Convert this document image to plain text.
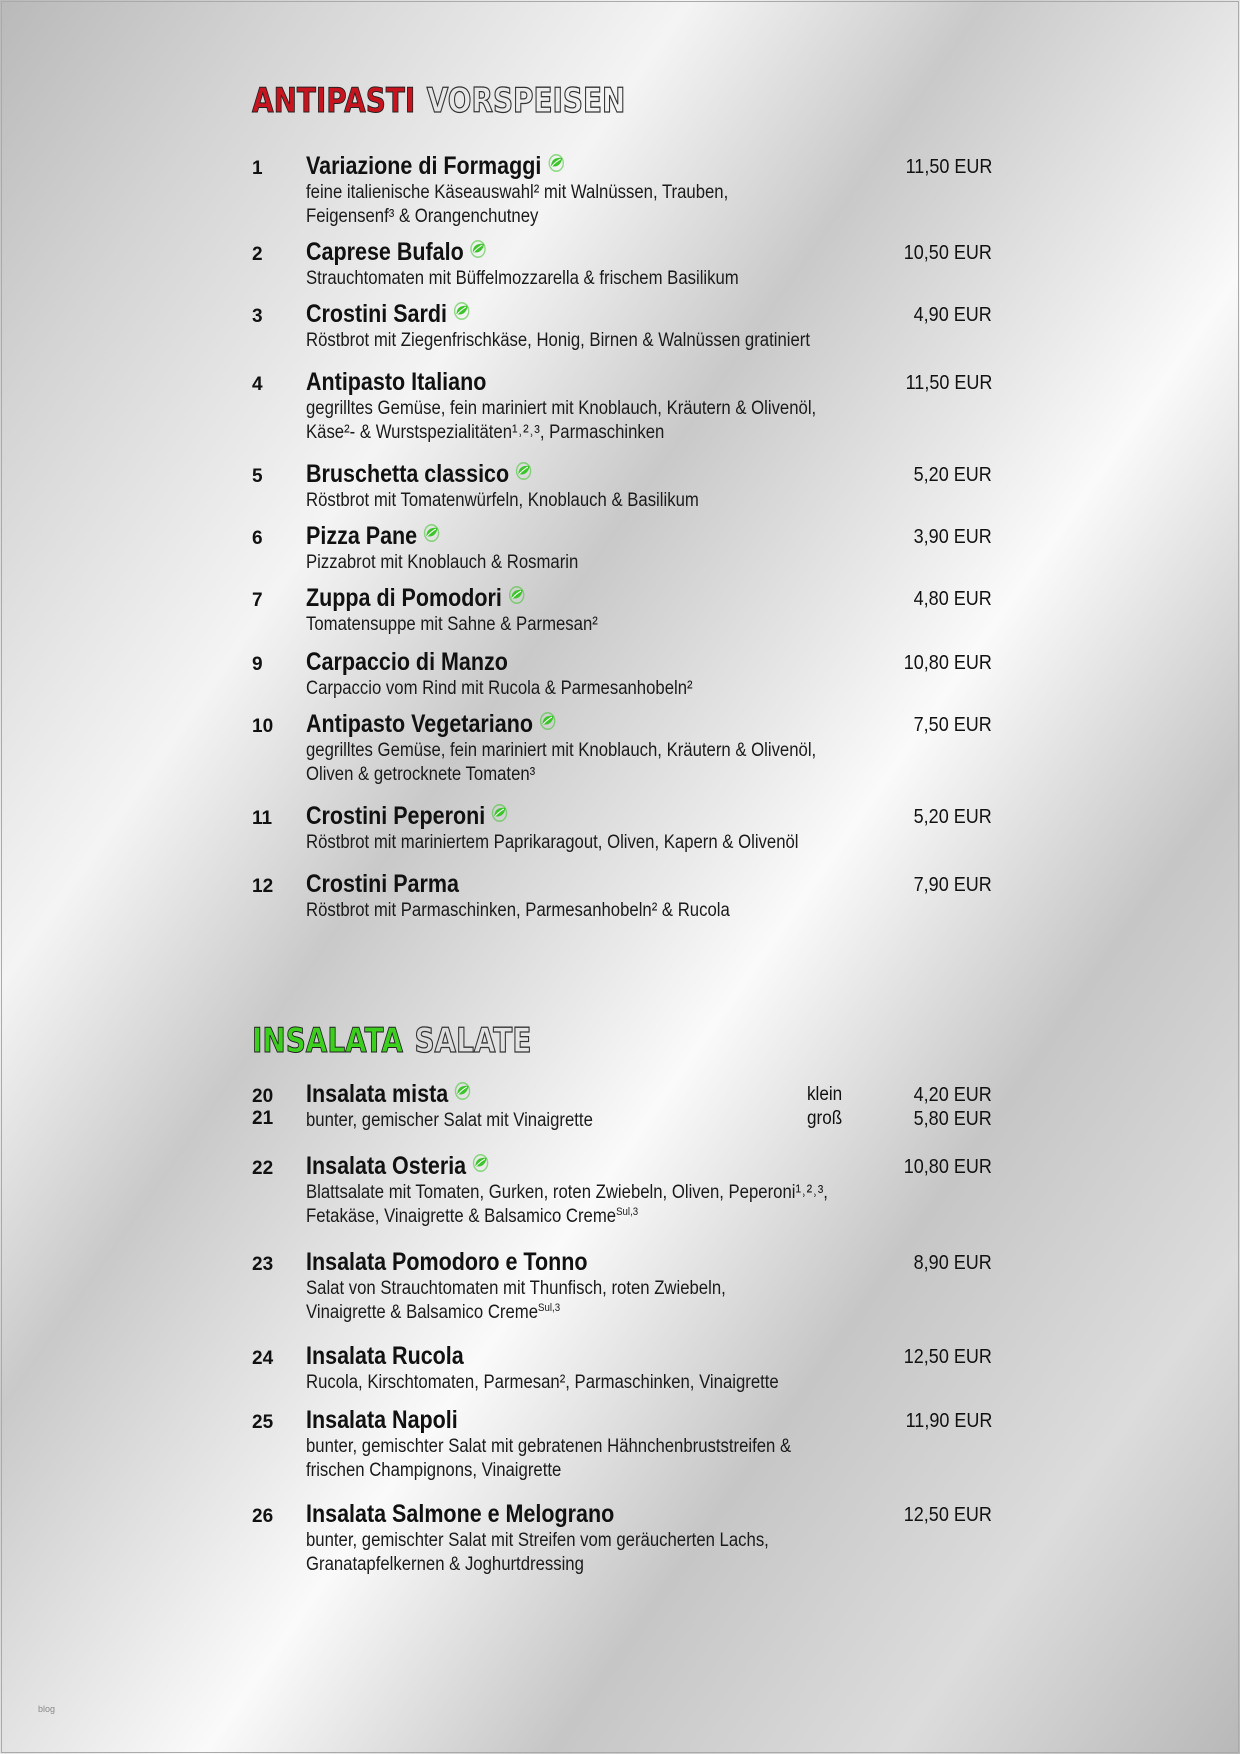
ANTIPASTI VORSPEISEN
1 Variazione di Formaggi
feine italienische Käseauswahl² mit Walnüssen, Trauben,
Feigensenf³ & Orangenchutney
11,50 EUR
2 Caprese Bufalo
Strauchtomaten mit Büffelmozzarella & frischem Basilikum
10,50 EUR
3 Crostini Sardi
Röstbrot mit Ziegenfrischkäse, Honig, Birnen & Walnüssen gratiniert
4,90 EUR
4 Antipasto Italiano
gegrilltes Gemüse, fein mariniert mit Knoblauch, Kräutern & Olivenöl,
Käse²- & Wurstspezialitäten¹˒²˒³, Parmaschinken
11,50 EUR
5 Bruschetta classico
Röstbrot mit Tomatenwürfeln, Knoblauch & Basilikum
5,20 EUR
6 Pizza Pane
Pizzabrot mit Knoblauch & Rosmarin
3,90 EUR
7 Zuppa di Pomodori
Tomatensuppe mit Sahne & Parmesan²
4,80 EUR
9 Carpaccio di Manzo
Carpaccio vom Rind mit Rucola & Parmesanhobeln²
10,80 EUR
10 Antipasto Vegetariano
gegrilltes Gemüse, fein mariniert mit Knoblauch, Kräutern & Olivenöl,
Oliven & getrocknete Tomaten³
7,50 EUR
11 Crostini Peperoni
Röstbrot mit mariniertem Paprikaragout, Oliven, Kapern & Olivenöl
5,20 EUR
12 Crostini Parma
Röstbrot mit Parmaschinken, Parmesanhobeln² & Rucola
7,90 EUR
INSALATA SALATE
20
21
Insalata mista
bunter, gemischer Salat mit Vinaigrette
klein
groß
4,20 EUR
5,80 EUR
22 Insalata Osteria
Blattsalate mit Tomaten, Gurken, roten Zwiebeln, Oliven, Peperoni¹˒²˒³,
Fetakäse, Vinaigrette & Balsamico Creme$^{Sul,3}$
10,80 EUR
23 Insalata Pomodoro e Tonno
Salat von Strauchtomaten mit Thunfisch, roten Zwiebeln,
Vinaigrette & Balsamico Creme$^{Sul,3}$
8,90 EUR
24 Insalata Rucola
Rucola, Kirschtomaten, Parmesan², Parmaschinken, Vinaigrette
12,50 EUR
25 Insalata Napoli
bunter, gemischter Salat mit gebratenen Hähnchenbruststreifen &
frischen Champignons, Vinaigrette
11,90 EUR
26 Insalata Salmone e Melograno
bunter, gemischter Salat mit Streifen vom geräucherten Lachs,
Granatapfelkernen & Joghurtdressing
12,50 EUR
blog
